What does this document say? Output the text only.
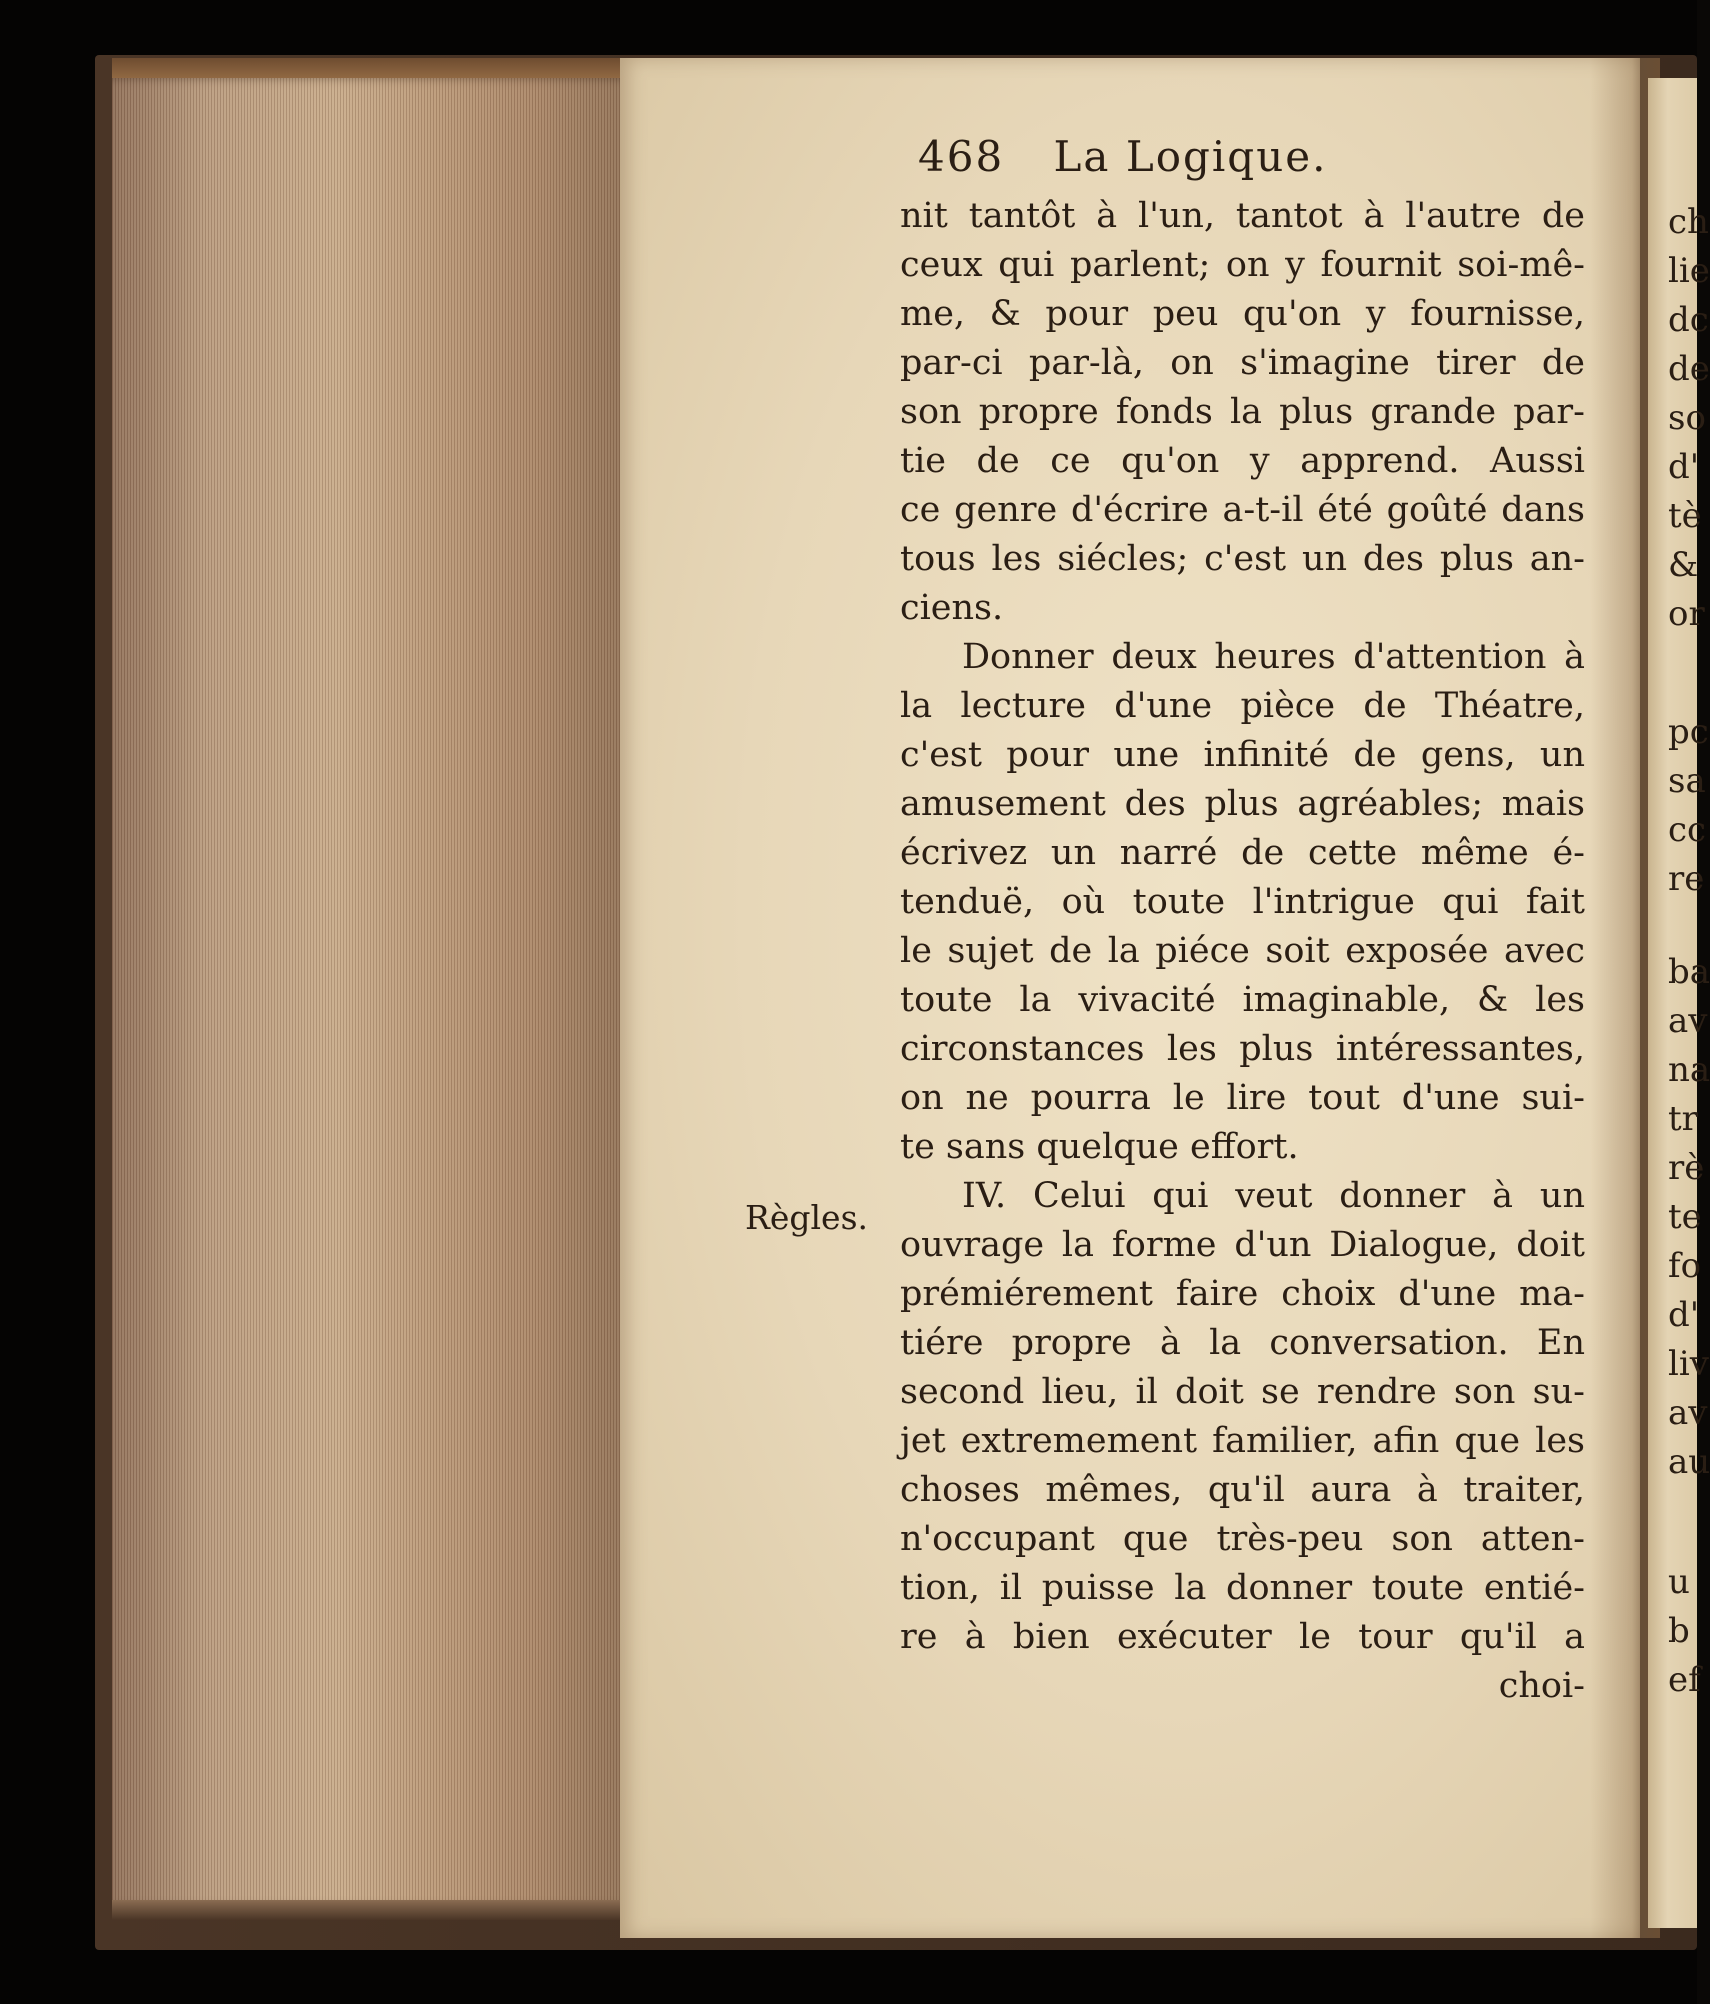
468 La Logique.
Règles.
nit tantôt à l'un, tantot à l'autre de
ceux qui parlent; on y fournit soi-mê-
me, & pour peu qu'on y fournisse,
par-ci par-là, on s'imagine tirer de
son propre fonds la plus grande par-
tie de ce qu'on y apprend. Aussi
ce genre d'écrire a-t-il été goûté dans
tous les siécles; c'est un des plus an-
ciens.
Donner deux heures d'attention à
la lecture d'une pièce de Théatre,
c'est pour une infinité de gens, un
amusement des plus agréables; mais
écrivez un narré de cette même é-
tenduë, où toute l'intrigue qui fait
le sujet de la piéce soit exposée avec
toute la vivacité imaginable, & les
circonstances les plus intéressantes,
on ne pourra le lire tout d'une sui-
te sans quelque effort.
IV. Celui qui veut donner à un
ouvrage la forme d'un Dialogue, doit
prémiérement faire choix d'une ma-
tiére propre à la conversation. En
second lieu, il doit se rendre son su-
jet extremement familier, afin que les
choses mêmes, qu'il aura à traiter,
n'occupant que très-peu son atten-
tion, il puisse la donner toute entié-
re à bien exécuter le tour qu'il a
choi-
ch
lie
dc
de
so
d'
tè
&
or
pc
sa
cc
re
ba
av
na
tr
rè
te
fo
d'
liv
av
au
u
b
ef
